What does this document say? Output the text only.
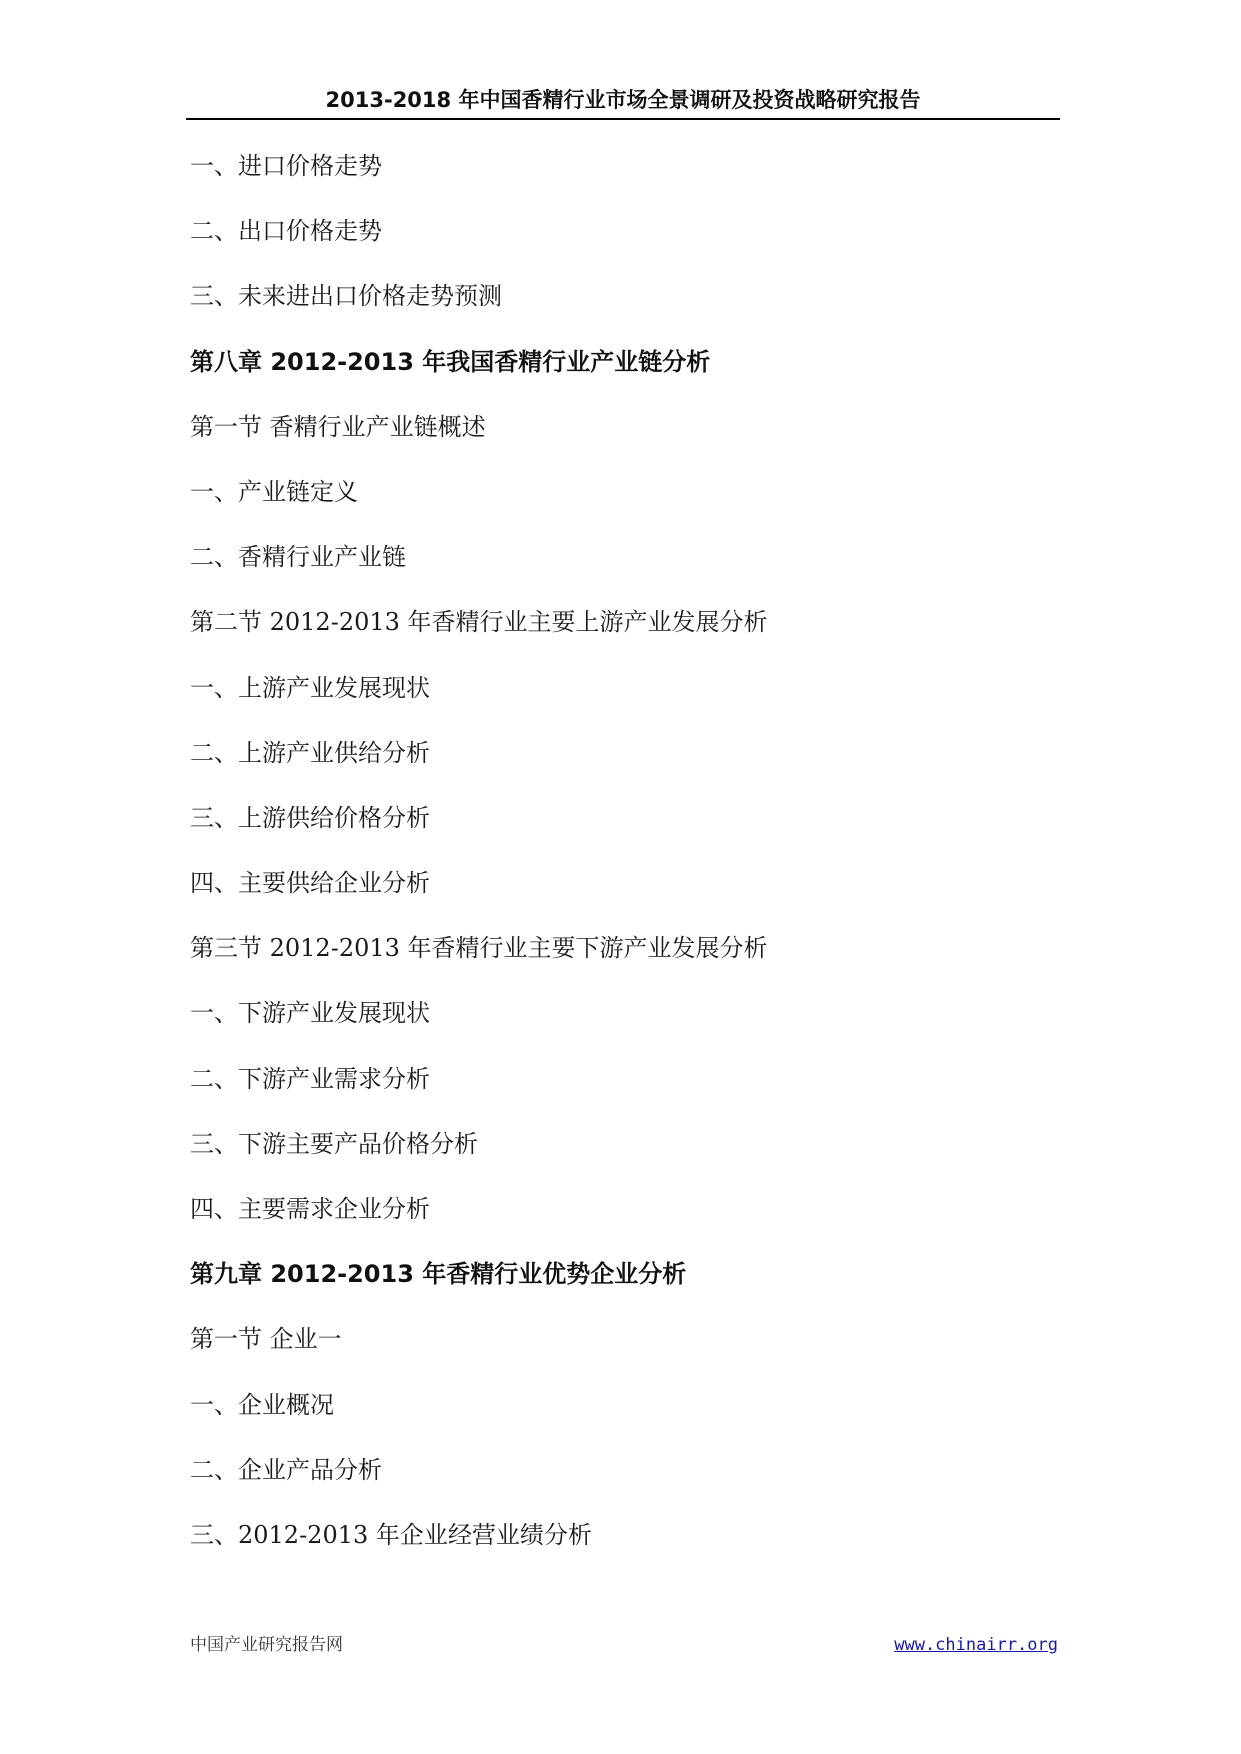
2013-2018 年中国香精行业市场全景调研及投资战略研究报告
一、进口价格走势
二、出口价格走势
三、未来进出口价格走势预测
第八章 2012-2013 年我国香精行业产业链分析
第一节 香精行业产业链概述
一、产业链定义
二、香精行业产业链
第二节 2012-2013 年香精行业主要上游产业发展分析
一、上游产业发展现状
二、上游产业供给分析
三、上游供给价格分析
四、主要供给企业分析
第三节 2012-2013 年香精行业主要下游产业发展分析
一、下游产业发展现状
二、下游产业需求分析
三、下游主要产品价格分析
四、主要需求企业分析
第九章 2012-2013 年香精行业优势企业分析
第一节 企业一
一、企业概况
二、企业产品分析
三、2012-2013 年企业经营业绩分析
中国产业研究报告网	www.chinairr.org
